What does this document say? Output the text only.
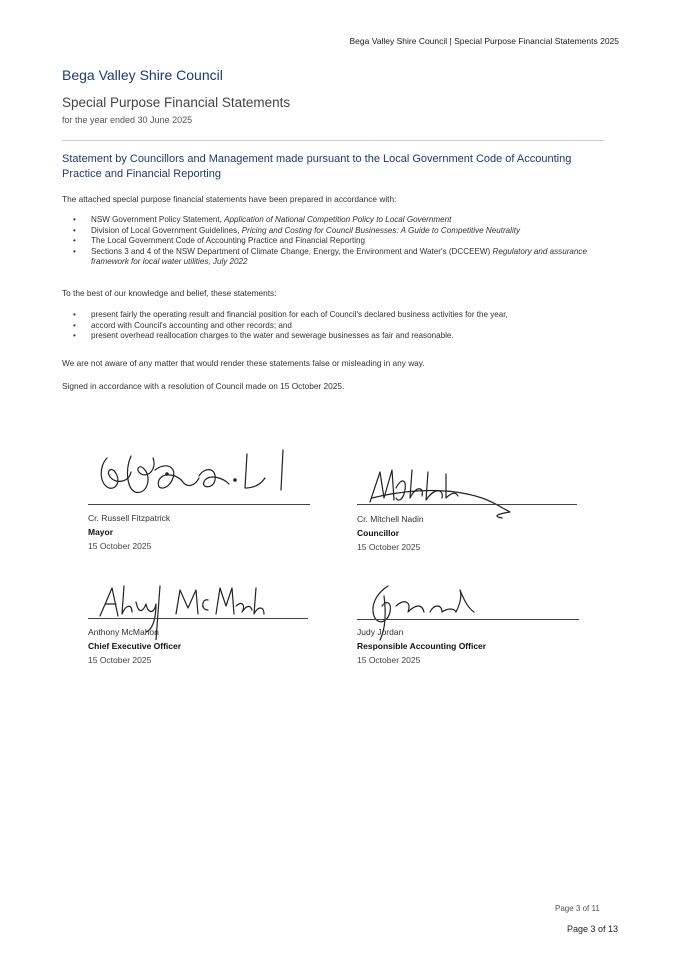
Bega Valley Shire Council | Special Purpose Financial Statements 2025
Bega Valley Shire Council
Special Purpose Financial Statements
for the year ended 30 June 2025
Statement by Councillors and Management made pursuant to the Local Government Code of Accounting Practice and Financial Reporting
The attached special purpose financial statements have been prepared in accordance with:
• NSW Government Policy Statement, Application of National Competition Policy to Local Government
• Division of Local Government Guidelines, Pricing and Costing for Council Businesses: A Guide to Competitive Neutrality
• The Local Government Code of Accounting Practice and Financial Reporting
• Sections 3 and 4 of the NSW Department of Climate Change, Energy, the Environment and Water's (DCCEEW) Regulatory and assurance framework for local water utilities, July 2022
To the best of our knowledge and belief, these statements:
• present fairly the operating result and financial position for each of Council's declared business activities for the year,
• accord with Council's accounting and other records; and
• present overhead reallocation charges to the water and sewerage businesses as fair and reasonable.
We are not aware of any matter that would render these statements false or misleading in any way.
Signed in accordance with a resolution of Council made on 15 October 2025.
Cr. Russell Fitzpatrick
Mayor
15 October 2025
Cr. Mitchell Nadin
Councillor
15 October 2025
Anthony McMahon
Chief Executive Officer
15 October 2025
Judy Jordan
Responsible Accounting Officer
15 October 2025
Page 3 of 11
Page 3 of 13
